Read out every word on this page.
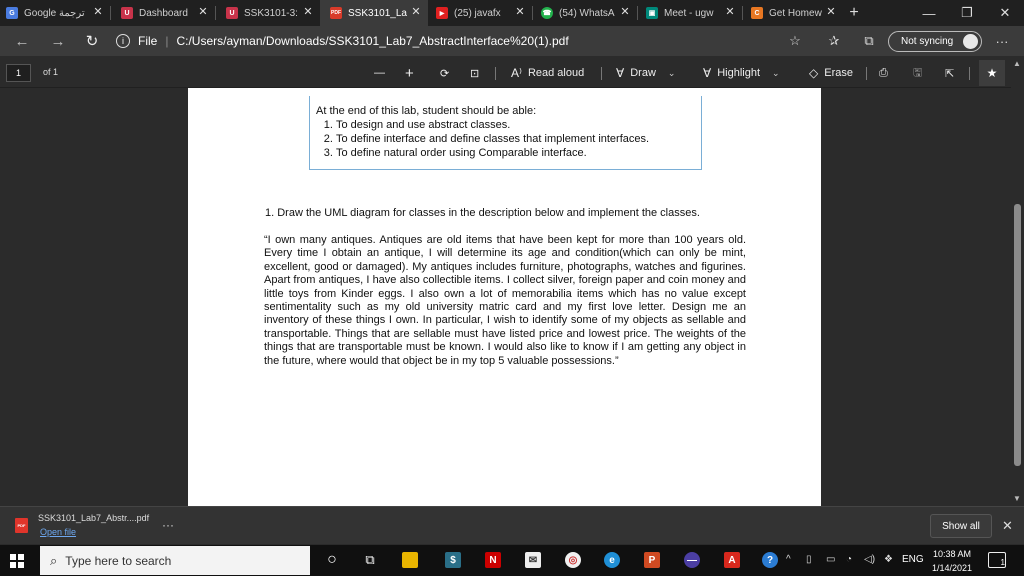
G Google ترجمة ✕	U Dashboard ✕	U SSK3101-3: ✕	PDF SSK3101_La ✕	▶ (25) javafx	✕	☎ (54) WhatsA ✕	▣ Meet - ugw	✕	C Get Homew ✕ +	—	❐	✕
← → ↻	i	File | C:/Users/ayman/Downloads/SSK3101_Lab7_AbstractInterface%20(1).pdf	☆ ✰	⧉	Not syncing	···
1	of 1	— + ⟳ ⊡	A⁾ Read aloud	∀ Draw ⌄ ∀ Highlight ⌄ ◇ Erase ⎙ 🖫 ⇱	★
At the end of this lab, student should be able:
1. To design and use abstract classes.
2. To define interface and define classes that implement interfaces.
3. To define natural order using Comparable interface.
1. Draw the UML diagram for classes in the description below and implement the classes.
“I own many antiques. Antiques are old items that have been kept for more than 100 years old. Every time I obtain an antique, I will determine its age and condition(which can only be mint, excellent, good or damaged). My antiques includes furniture, photographs, watches and figurines. Apart from antiques, I have also collectible items. I collect silver, foreign paper and coin money and little toys from Kinder eggs. I also own a lot of memorabilia items which has no value except sentimentality such as my old university matric card and my first love letter. Design me an inventory of these things I own. In particular, I wish to identify some of my objects as sellable and transportable. Things that are sellable must have listed price and lowest price. The weights of the things that are transportable must be known. I would also like to know if I am getting any object in the future, where would that object be in my top 5 valuable possessions.”
▲
▼
PDF
SSK3101_Lab7_Abstr....pdf
Open file	···	Show all	✕
⌕ Type here to search	○ ⧉	$	N	✉	◎	e	P	—	A	?	^ ▯ ▭ ◔ ◁) ❖ ENG	10:38 AM
1/14/2021
1
